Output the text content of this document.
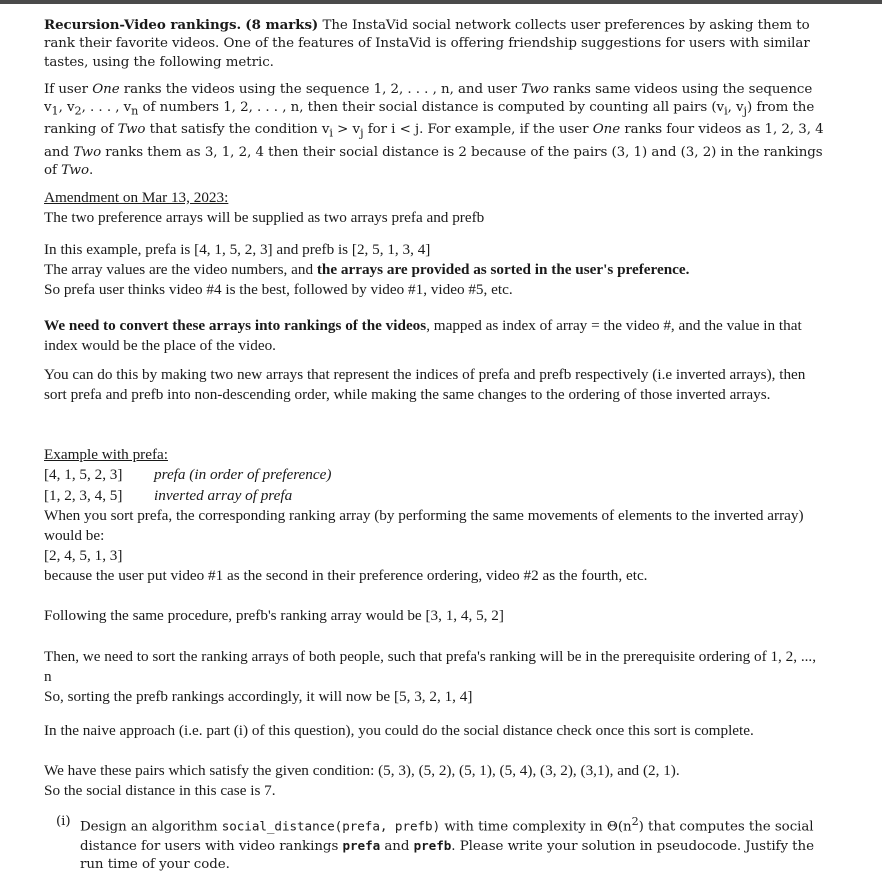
Recursion-Video rankings. (8 marks) The InstaVid social network collects user preferences by asking them to rank their favorite videos. One of the features of InstaVid is offering friendship suggestions for users with similar tastes, using the following metric.
If user One ranks the videos using the sequence 1, 2, . . . , n, and user Two ranks same videos using the sequence $v_1$, $v_2$, . . . , $v_n$ of numbers 1, 2, . . . , n, then their social distance is computed by counting all pairs ($v_i$, $v_j$) from the ranking of Two that satisfy the condition $v_i > v_j$ for i < j. For example, if the user One ranks four videos as 1, 2, 3, 4 and Two ranks them as 3, 1, 2, 4 then their social distance is 2 because of the pairs (3, 1) and (3, 2) in the rankings of Two.
Amendment on Mar 13, 2023:
The two preference arrays will be supplied as two arrays prefa and prefb
In this example, prefa is [4, 1, 5, 2, 3] and prefb is [2, 5, 1, 3, 4]
The array values are the video numbers, and the arrays are provided as sorted in the user's preference.
So prefa user thinks video #4 is the best, followed by video #1, video #5, etc.
We need to convert these arrays into rankings of the videos, mapped as index of array = the video #, and the value in that index would be the place of the video.
You can do this by making two new arrays that represent the indices of prefa and prefb respectively (i.e inverted arrays), then sort prefa and prefb into non-descending order, while making the same changes to the ordering of those inverted arrays.
Example with prefa:
[4, 1, 5, 2, 3] prefa (in order of preference)
[1, 2, 3, 4, 5] inverted array of prefa
When you sort prefa, the corresponding ranking array (by performing the same movements of elements to the inverted array) would be:
[2, 4, 5, 1, 3]
because the user put video #1 as the second in their preference ordering, video #2 as the fourth, etc.
Following the same procedure, prefb's ranking array would be [3, 1, 4, 5, 2]
Then, we need to sort the ranking arrays of both people, such that prefa's ranking will be in the prerequisite ordering of 1, 2, ..., n
So, sorting the prefb rankings accordingly, it will now be [5, 3, 2, 1, 4]
In the naive approach (i.e. part (i) of this question), you could do the social distance check once this sort is complete.
We have these pairs which satisfy the given condition: (5, 3), (5, 2), (5, 1), (5, 4), (3, 2), (3,1), and (2, 1).
So the social distance in this case is 7.
(i) Design an algorithm social_distance(prefa, prefb) with time complexity in $\Theta(n^2)$ that computes the social distance for users with video rankings prefa and prefb. Please write your solution in pseudocode. Justify the run time of your code.
